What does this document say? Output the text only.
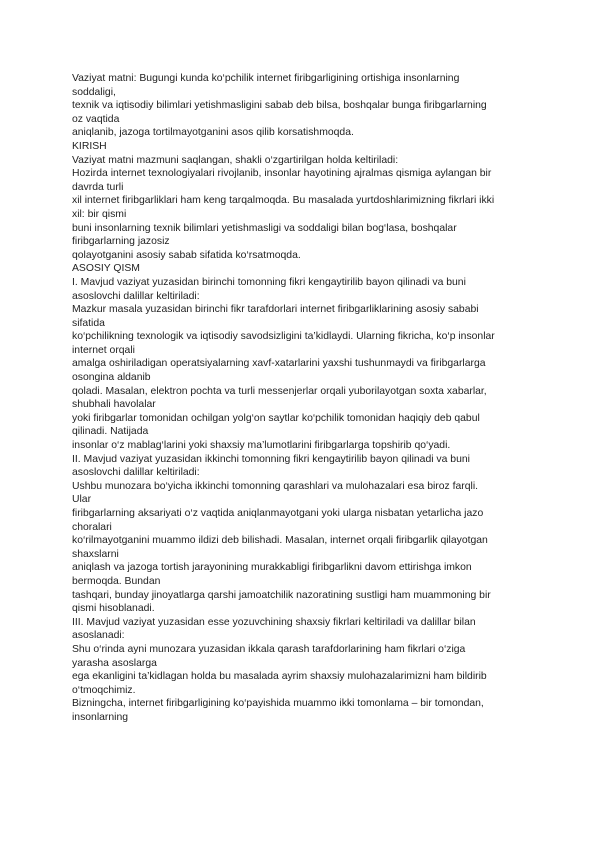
Vaziyat matni: Bugungi kunda ko‘pchilik internet firibgarligining ortishiga insonlarning
soddaligi,
texnik va iqtisodiy bilimlari yetishmasligini sabab deb bilsa, boshqalar bunga firibgarlarning
oz vaqtida
aniqlanib, jazoga tortilmayotganini asos qilib korsatishmoqda.
KIRISH
Vaziyat matni mazmuni saqlangan, shakli o‘zgartirilgan holda keltiriladi:
Hozirda internet texnologiyalari rivojlanib, insonlar hayotining ajralmas qismiga aylangan bir
davrda turli
xil internet firibgarliklari ham keng tarqalmoqda. Bu masalada yurtdoshlarimizning fikrlari ikki
xil: bir qismi
buni insonlarning texnik bilimlari yetishmasligi va soddaligi bilan bog‘lasa, boshqalar
firibgarlarning jazosiz
qolayotganini asosiy sabab sifatida ko‘rsatmoqda.
ASOSIY QISM
I. Mavjud vaziyat yuzasidan birinchi tomonning fikri kengaytirilib bayon qilinadi va buni
asoslovchi dalillar keltiriladi:
Mazkur masala yuzasidan birinchi fikr tarafdorlari internet firibgarliklarining asosiy sababi
sifatida
ko‘pchilikning texnologik va iqtisodiy savodsizligini ta’kidlaydi. Ularning fikricha, ko‘p insonlar
internet orqali
amalga oshiriladigan operatsiyalarning xavf-xatarlarini yaxshi tushunmaydi va firibgarlarga
osongina aldanib
qoladi. Masalan, elektron pochta va turli messenjerlar orqali yuborilayotgan soxta xabarlar,
shubhali havolalar
yoki firibgarlar tomonidan ochilgan yolg‘on saytlar ko‘pchilik tomonidan haqiqiy deb qabul
qilinadi. Natijada
insonlar o‘z mablag‘larini yoki shaxsiy ma’lumotlarini firibgarlarga topshirib qo‘yadi.
II. Mavjud vaziyat yuzasidan ikkinchi tomonning fikri kengaytirilib bayon qilinadi va buni
asoslovchi dalillar keltiriladi:
Ushbu munozara bo‘yicha ikkinchi tomonning qarashlari va mulohazalari esa biroz farqli.
Ular
firibgarlarning aksariyati o‘z vaqtida aniqlanmayotgani yoki ularga nisbatan yetarlicha jazo
choralari
ko‘rilmayotganini muammo ildizi deb bilishadi. Masalan, internet orqali firibgarlik qilayotgan
shaxslarni
aniqlash va jazoga tortish jarayonining murakkabligi firibgarlikni davom ettirishga imkon
bermoqda. Bundan
tashqari, bunday jinoyatlarga qarshi jamoatchilik nazoratining sustligi ham muammoning bir
qismi hisoblanadi.
III. Mavjud vaziyat yuzasidan esse yozuvchining shaxsiy fikrlari keltiriladi va dalillar bilan
asoslanadi:
Shu o‘rinda ayni munozara yuzasidan ikkala qarash tarafdorlarining ham fikrlari o‘ziga
yarasha asoslarga
ega ekanligini ta’kidlagan holda bu masalada ayrim shaxsiy mulohazalarimizni ham bildirib
o‘tmoqchimiz.
Bizningcha, internet firibgarligining ko‘payishida muammo ikki tomonlama – bir tomondan,
insonlarning
